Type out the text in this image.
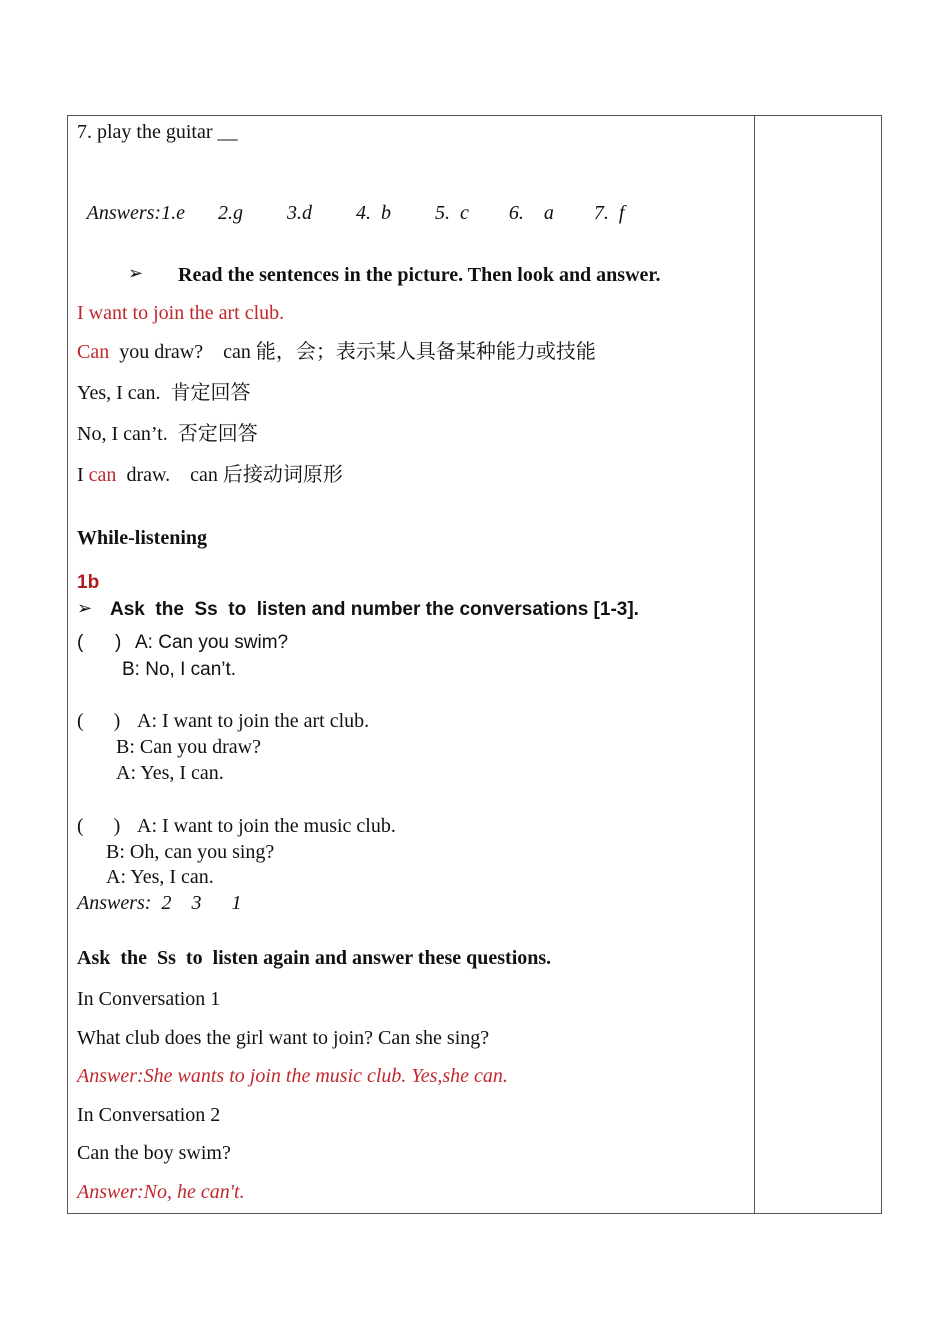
7. play the guitar __

Answers:1.e 2.g 3.d 4.  b 5.  c 6.    a 7.  f

➢ Read the sentences in the picture. Then look and answer.
I want to join the art club.
Can  you draw?    can 能，会；表示某人具备某种能力或技能
Yes, I can.  肯定回答
No, I can’t.  否定回答
I can  draw.    can 后接动词原形
While-listening
1b
➢ Ask  the  Ss  to  listen and number the conversations [1-3].
(      ) A: Can you swim?
B: No, I can’t.
(      ) A: I want to join the art club.
B: Can you draw?
A: Yes, I can.
(      ) A: I want to join the music club.
B: Oh, can you sing?
A: Yes, I can.
Answers:  2    3      1
Ask  the  Ss  to  listen again and answer these questions.
In Conversation 1
What club does the girl want to join? Can she sing?
Answer:She wants to join the music club. Yes,she can.
In Conversation 2
Can the boy swim?
Answer:No, he can't.
